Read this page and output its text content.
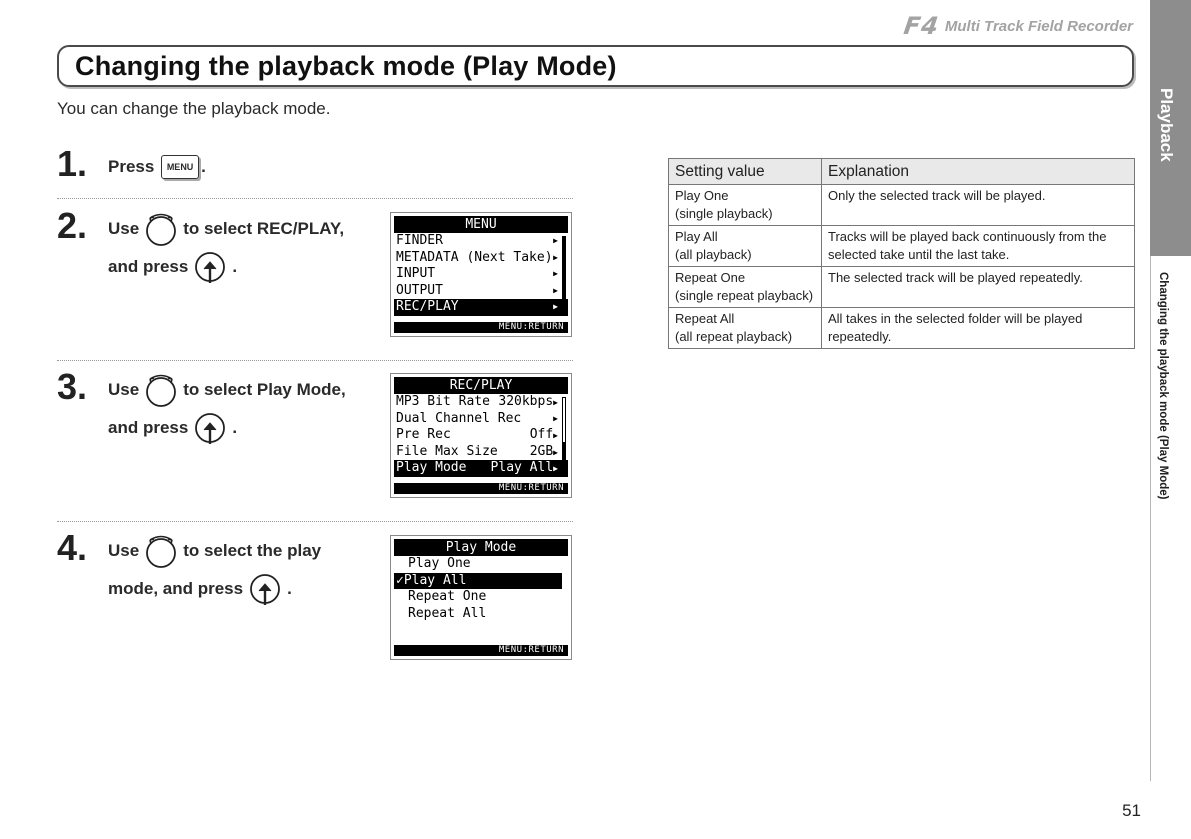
F4 Multi Track Field Recorder
Playback
Changing the playback mode (Play Mode)
Changing the playback mode (Play Mode)
You can change the playback mode.
1. Press
	MENU .
2. Use	to select REC/PLAY,
and press	.
MENU
FINDER	▶
METADATA (Next Take) ▶
INPUT	▶
OUTPUT	▶
REC/PLAY	▶
MENU:RETURN
3. Use	to select Play Mode,
and press	.
REC/PLAY
MP3 Bit Rate 320kbps▶
Dual Channel Rec	▶
Pre Rec	Off▶
File Max Size 2GB▶
Play Mode Play All▶
MENU:RETURN
4. Use	to select the play
mode, and press	.
Play Mode
Play One
✓Play All
Repeat One
Repeat All
MENU:RETURN
Setting value	Explanation

Play One
(single playback)	Only the selected track will be played.

Play All
(all playback)	Tracks will be played back continuously from the selected take until the last take.

Repeat One
(single repeat playback)	The selected track will be played repeatedly.

Repeat All
(all repeat playback)	All takes in the selected folder will be played repeatedly.
51
